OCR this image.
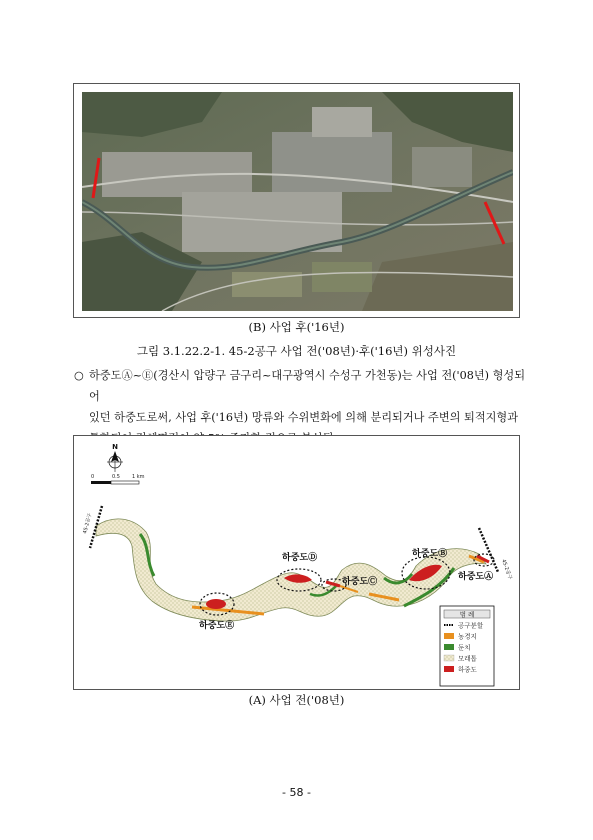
(B) 사업 후('16년)
그림 3.1.22.2-1. 45-2공구 사업 전('08년)·후('16년) 위성사진
○ 하중도Ⓐ~Ⓔ(경산시 압량구 금구리~대구광역시 수성구 가천동)는 사업 전('08년) 형성되어
있던 하중도로써, 사업 후('16년) 망류와 수위변화에 의해 분리되거나 주변의 퇴적지형과
N
0	0.5 1 km
45-2공구
45-2공구
하중도Ⓓ
하중도Ⓒ
하중도Ⓑ
하중도Ⓐ
하중도Ⓔ
범 례
공구분할
농경지
둔치
모래톱
하중도
(A) 사업 전('08년)
- 58 -
